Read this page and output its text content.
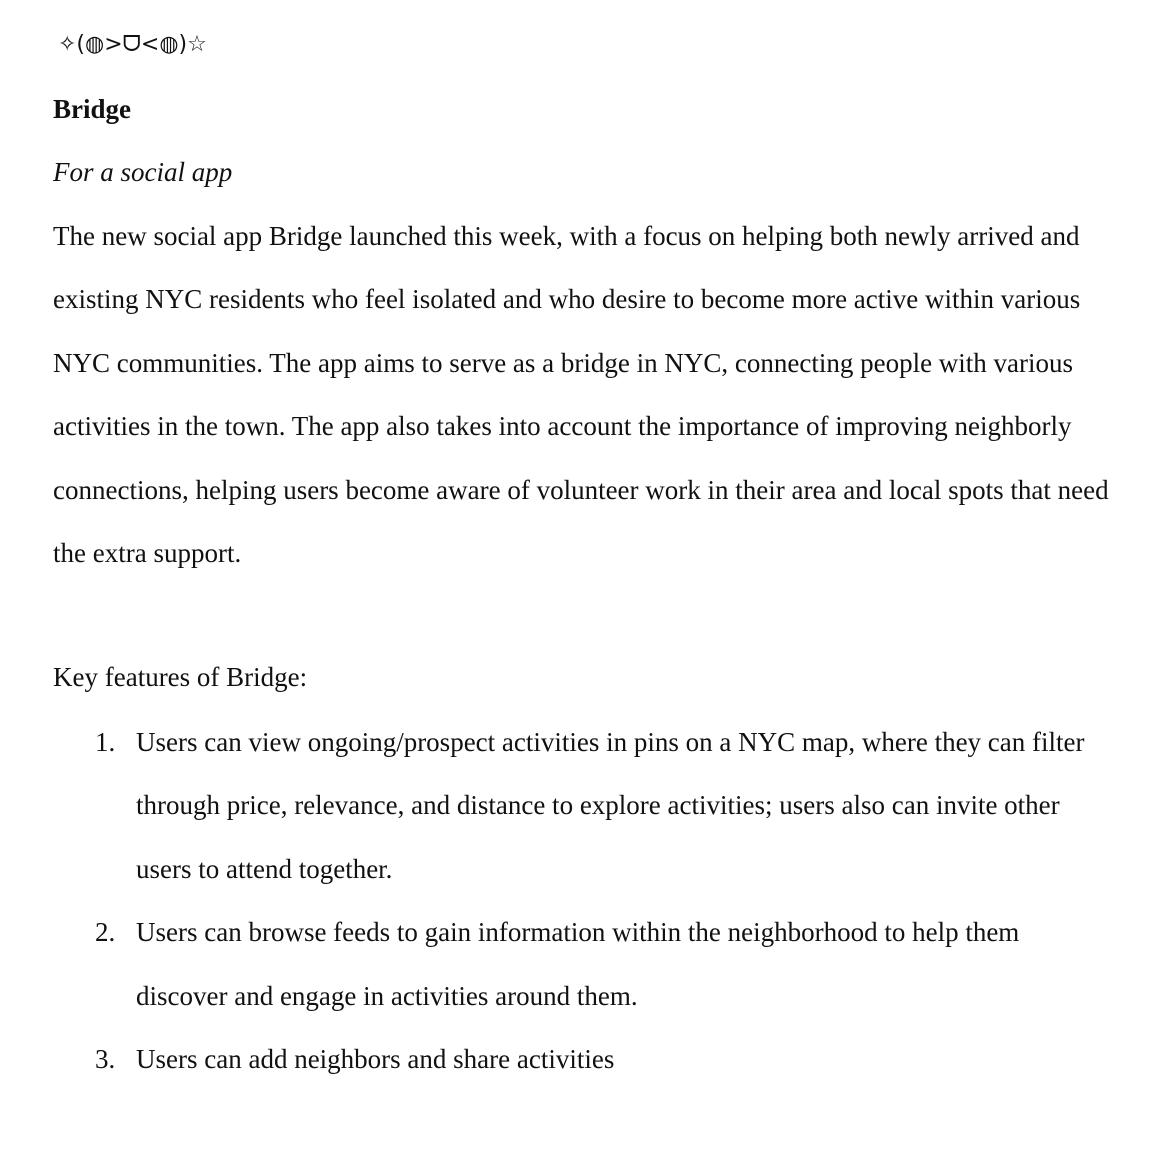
✧(◍>ᗜ<◍)☆
Bridge
For a social app

The new social app Bridge launched this week, with a focus on helping both newly arrived and existing NYC residents who feel isolated and who desire to become more active within various NYC communities. The app aims to serve as a bridge in NYC, connecting people with various activities in the town. The app also takes into account the importance of improving neighborly connections, helping users become aware of volunteer work in their area and local spots that need the extra support.

Key features of Bridge:
1. Users can view ongoing/prospect activities in pins on a NYC map, where they can filter through price, relevance, and distance to explore activities; users also can invite other users to attend together.
2. Users can browse feeds to gain information within the neighborhood to help them discover and engage in activities around them.
3. Users can add neighbors and share activities
